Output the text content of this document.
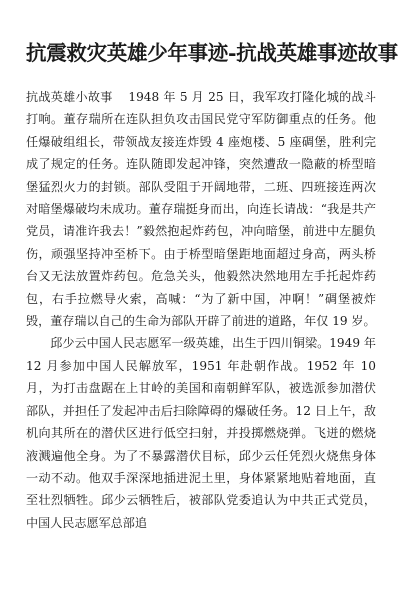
抗震救灾英雄少年事迹-抗战英雄事迹故事

抗战英雄小故事 1948 年 5 月 25 日，我军攻打隆化城的战斗打响。董存瑞所在连队担负攻击国民党守军防御重点的任务。他任爆破组组长，带领战友接连炸毁 4 座炮楼、5 座碉堡，胜利完成了规定的任务。连队随即发起冲锋，突然遭敌一隐蔽的桥型暗堡猛烈火力的封锁。部队受阻于开阔地带，二班、四班接连两次对暗堡爆破均未成功。董存瑞挺身而出，向连长请战：“我是共产党员，请准许我去！”毅然抱起炸药包，冲向暗堡，前进中左腿负伤，顽强坚持冲至桥下。由于桥型暗堡距地面超过身高，两头桥台又无法放置炸药包。危急关头，他毅然决然地用左手托起炸药包，右手拉燃导火索，高喊：“为了新中国，冲啊！”碉堡被炸毁，董存瑞以自己的生命为部队开辟了前进的道路，年仅 19 岁。

邱少云中国人民志愿军一级英雄，出生于四川铜梁。1949 年 12 月参加中国人民解放军，1951 年赴朝作战。1952 年 10 月，为打击盘踞在上甘岭的美国和南朝鲜军队，被选派参加潜伏部队，并担任了发起冲击后扫除障碍的爆破任务。12 日上午，敌机向其所在的潜伏区进行低空扫射，并投掷燃烧弹。飞迸的燃烧液溅遍他全身。为了不暴露潜伏目标，邱少云任凭烈火烧焦身体一动不动。他双手深深地插进泥土里，身体紧紧地贴着地面，直至壮烈牺牲。邱少云牺牲后，被部队党委追认为中共正式党员，中国人民志愿军总部追
